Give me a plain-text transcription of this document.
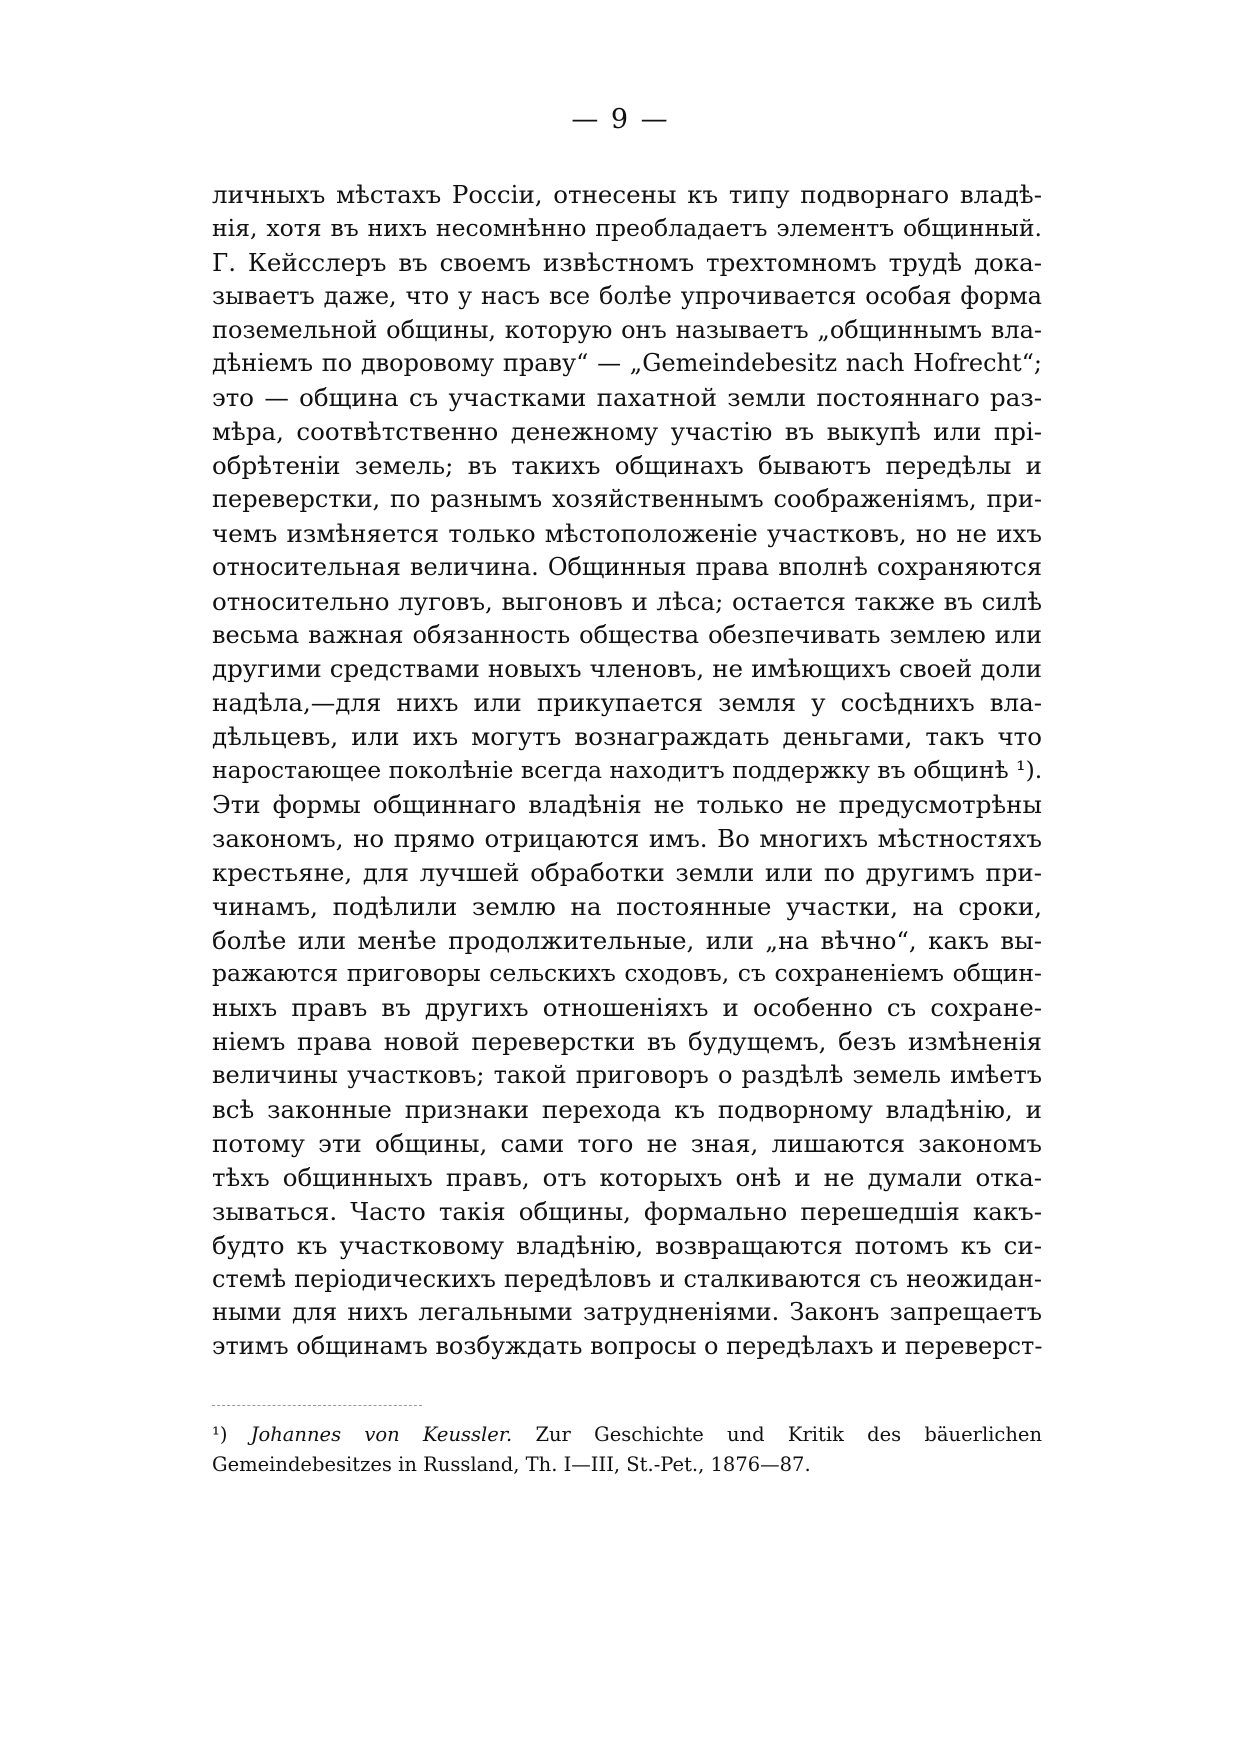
— 9 —
личныхъ мѣстахъ Россіи, отнесены къ типу подворнаго владѣ-
нія, хотя въ нихъ несомнѣнно преобладаетъ элементъ общинный.
Г. Кейсслеръ въ своемъ извѣстномъ трехтомномъ трудѣ дока-
зываетъ даже, что у насъ все болѣе упрочивается особая форма
поземельной общины, которую онъ называетъ „общиннымъ вла-
дѣніемъ по дворовому праву“ — „Gemeindebesitz nach Hofrecht“;
это — община съ участками пахатной земли постояннаго раз-
мѣра, соотвѣтственно денежному участію въ выкупѣ или прі-
обрѣтеніи земель; въ такихъ общинахъ бываютъ передѣлы и
переверстки, по разнымъ хозяйственнымъ соображеніямъ, при-
чемъ измѣняется только мѣстоположеніе участковъ, но не ихъ
относительная величина. Общинныя права вполнѣ сохраняются
относительно луговъ, выгоновъ и лѣса; остается также въ силѣ
весьма важная обязанность общества обезпечивать землею или
другими средствами новыхъ членовъ, не имѣющихъ своей доли
надѣла,—для нихъ или прикупается земля у сосѣднихъ вла-
дѣльцевъ, или ихъ могутъ вознаграждать деньгами, такъ что
наростающее поколѣніе всегда находитъ поддержку въ общинѣ ¹).
Эти формы общиннаго владѣнія не только не предусмотрѣны
закономъ, но прямо отрицаются имъ. Во многихъ мѣстностяхъ
крестьяне, для лучшей обработки земли или по другимъ при-
чинамъ, подѣлили землю на постоянные участки, на сроки,
болѣе или менѣе продолжительные, или „на вѣчно“, какъ вы-
ражаются приговоры сельскихъ сходовъ, съ сохраненіемъ общин-
ныхъ правъ въ другихъ отношеніяхъ и особенно съ сохране-
ніемъ права новой переверстки въ будущемъ, безъ измѣненія
величины участковъ; такой приговоръ о раздѣлѣ земель имѣетъ
всѣ законные признаки перехода къ подворному владѣнію, и
потому эти общины, сами того не зная, лишаются закономъ
тѣхъ общинныхъ правъ, отъ которыхъ онѣ и не думали отка-
зываться. Часто такія общины, формально перешедшія какъ-
будто къ участковому владѣнію, возвращаются потомъ къ си-
стемѣ періодическихъ передѣловъ и сталкиваются съ неожидан-
ными для нихъ легальными затрудненіями. Законъ запрещаетъ
этимъ общинамъ возбуждать вопросы о передѣлахъ и переверст-
¹) Johannes von Keussler. Zur Geschichte und Kritik des bäuerlichen
Gemeindebesitzes in Russland, Th. I—III, St.-Pet., 1876—87.
